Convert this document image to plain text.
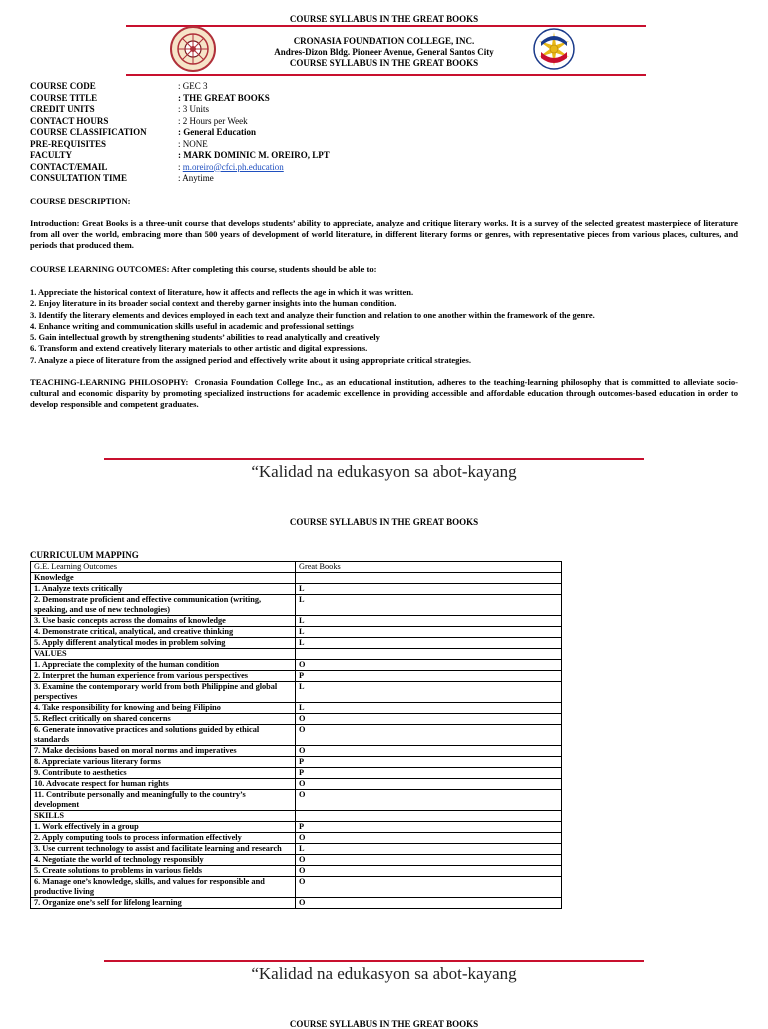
COURSE SYLLABUS IN THE GREAT BOOKS
CRONASIA FOUNDATION COLLEGE, INC.
Andres-Dizon Bldg. Pioneer Avenue, General Santos City
COURSE SYLLABUS IN THE GREAT BOOKS
COURSE CODE	: GEC 3
COURSE TITLE	: THE GREAT BOOKS
CREDIT UNITS	: 3 Units
CONTACT HOURS	: 2 Hours per Week
COURSE CLASSIFICATION	: General Education
PRE-REQUISITES	: NONE
FACULTY	: MARK DOMINIC M. OREIRO, LPT
CONTACT/EMAIL	: m.oreiro@cfci.ph.education
CONSULTATION TIME	: Anytime
COURSE DESCRIPTION:
Introduction: Great Books is a three-unit course that develops students’ ability to appreciate, analyze and critique literary works. It is a survey of the selected greatest masterpiece of literature from all over the world, embracing more than 500 years of development of world literature, in different literary forms or genres, with representative pieces from various places, cultures, and periods that produced them.
COURSE LEARNING OUTCOMES: After completing this course, students should be able to:
1. Appreciate the historical context of literature, how it affects and reflects the age in which it was written.
2. Enjoy literature in its broader social context and thereby garner insights into the human condition.
3. Identify the literary elements and devices employed in each text and analyze their function and relation to one another within the framework of the genre.
4. Enhance writing and communication skills useful in academic and professional settings
5. Gain intellectual growth by strengthening students’ abilities to read analytically and creatively
6. Transform and extend creatively literary materials to other artistic and digital expressions.
7. Analyze a piece of literature from the assigned period and effectively write about it using appropriate critical strategies.
TEACHING-LEARNING PHILOSOPHY: Cronasia Foundation College Inc., as an educational institution, adheres to the teaching-learning philosophy that is committed to alleviate socio-cultural and economic disparity by promoting specialized instructions for academic excellence in providing accessible and affordable education through outcomes-based education in order to develop responsible and competent graduates.
“Kalidad na edukasyon sa abot-kayang
COURSE SYLLABUS IN THE GREAT BOOKS
CURRICULUM MAPPING
G.E. Learning Outcomes	Great Books
Knowledge	
1. Analyze texts critically	L
2. Demonstrate proficient and effective communication (writing, speaking, and use of new technologies)	L
3. Use basic concepts across the domains of knowledge	L
4. Demonstrate critical, analytical, and creative thinking	L
5. Apply different analytical modes in problem solving	L
VALUES	
1. Appreciate the complexity of the human condition	O
2. Interpret the human experience from various perspectives	P
3. Examine the contemporary world from both Philippine and global perspectives	L
4. Take responsibility for knowing and being Filipino	L
5. Reflect critically on shared concerns	O
6. Generate innovative practices and solutions guided by ethical standards	O
7. Make decisions based on moral norms and imperatives	O
8. Appreciate various literary forms	P
9. Contribute to aesthetics	P
10. Advocate respect for human rights	O
11. Contribute personally and meaningfully to the country’s development	O
SKILLS	
1. Work effectively in a group	P
2. Apply computing tools to process information effectively	O
3. Use current technology to assist and facilitate learning and research	L
4. Negotiate the world of technology responsibly	O
5. Create solutions to problems in various fields	O
6. Manage one’s knowledge, skills, and values for responsible and productive living	O
7. Organize one’s self for lifelong learning	O
“Kalidad na edukasyon sa abot-kayang
COURSE SYLLABUS IN THE GREAT BOOKS
